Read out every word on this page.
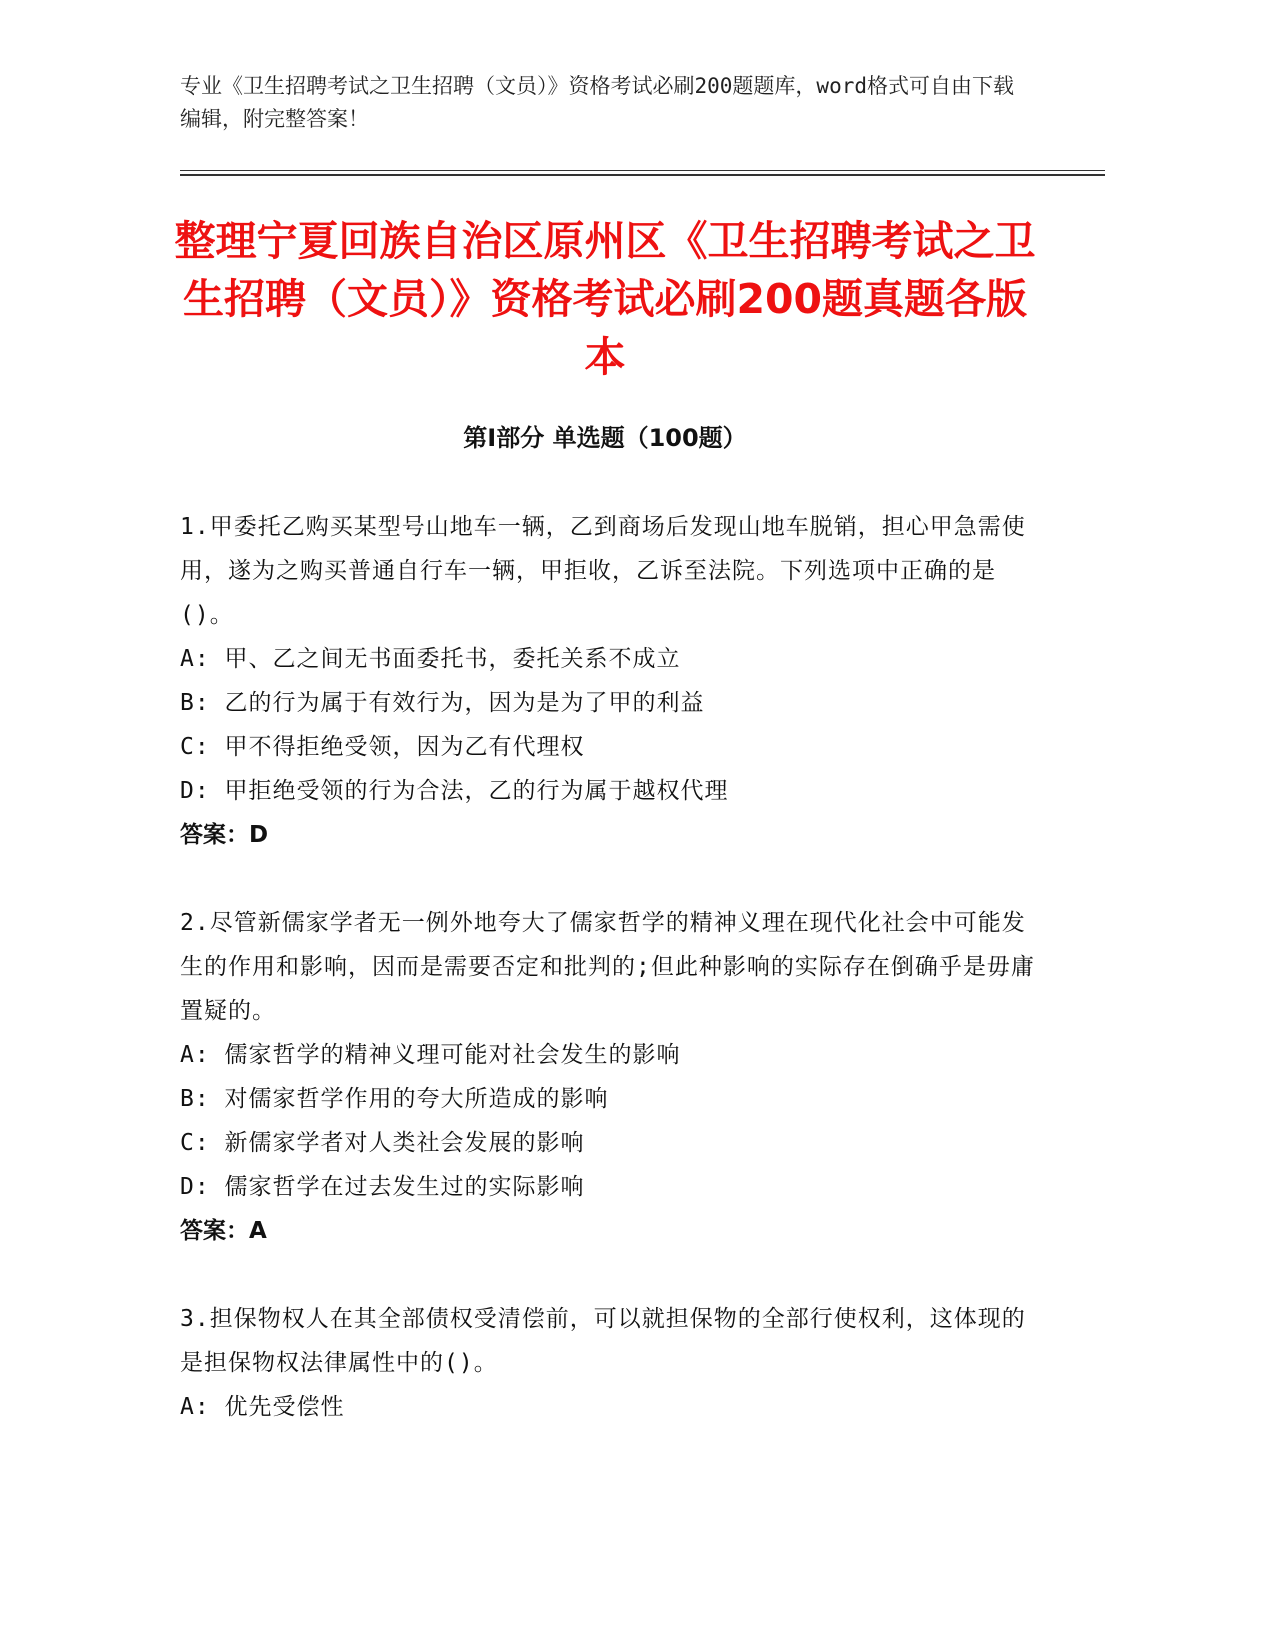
专业《卫生招聘考试之卫生招聘（文员）》资格考试必刷200题题库，word格式可自由下载编辑，附完整答案！
整理宁夏回族自治区原州区《卫生招聘考试之卫生招聘（文员）》资格考试必刷200题真题各版本
第Ⅰ部分 单选题（100题）
1.甲委托乙购买某型号山地车一辆，乙到商场后发现山地车脱销，担心甲急需使用，遂为之购买普通自行车一辆，甲拒收，乙诉至法院。下列选项中正确的是()。
A: 甲、乙之间无书面委托书，委托关系不成立
B: 乙的行为属于有效行为，因为是为了甲的利益
C: 甲不得拒绝受领，因为乙有代理权
D: 甲拒绝受领的行为合法，乙的行为属于越权代理
答案：D
2.尽管新儒家学者无一例外地夸大了儒家哲学的精神义理在现代化社会中可能发生的作用和影响，因而是需要否定和批判的;但此种影响的实际存在倒确乎是毋庸置疑的。
A: 儒家哲学的精神义理可能对社会发生的影响
B: 对儒家哲学作用的夸大所造成的影响
C: 新儒家学者对人类社会发展的影响
D: 儒家哲学在过去发生过的实际影响
答案：A
3.担保物权人在其全部债权受清偿前，可以就担保物的全部行使权利，这体现的是担保物权法律属性中的()。
A: 优先受偿性
